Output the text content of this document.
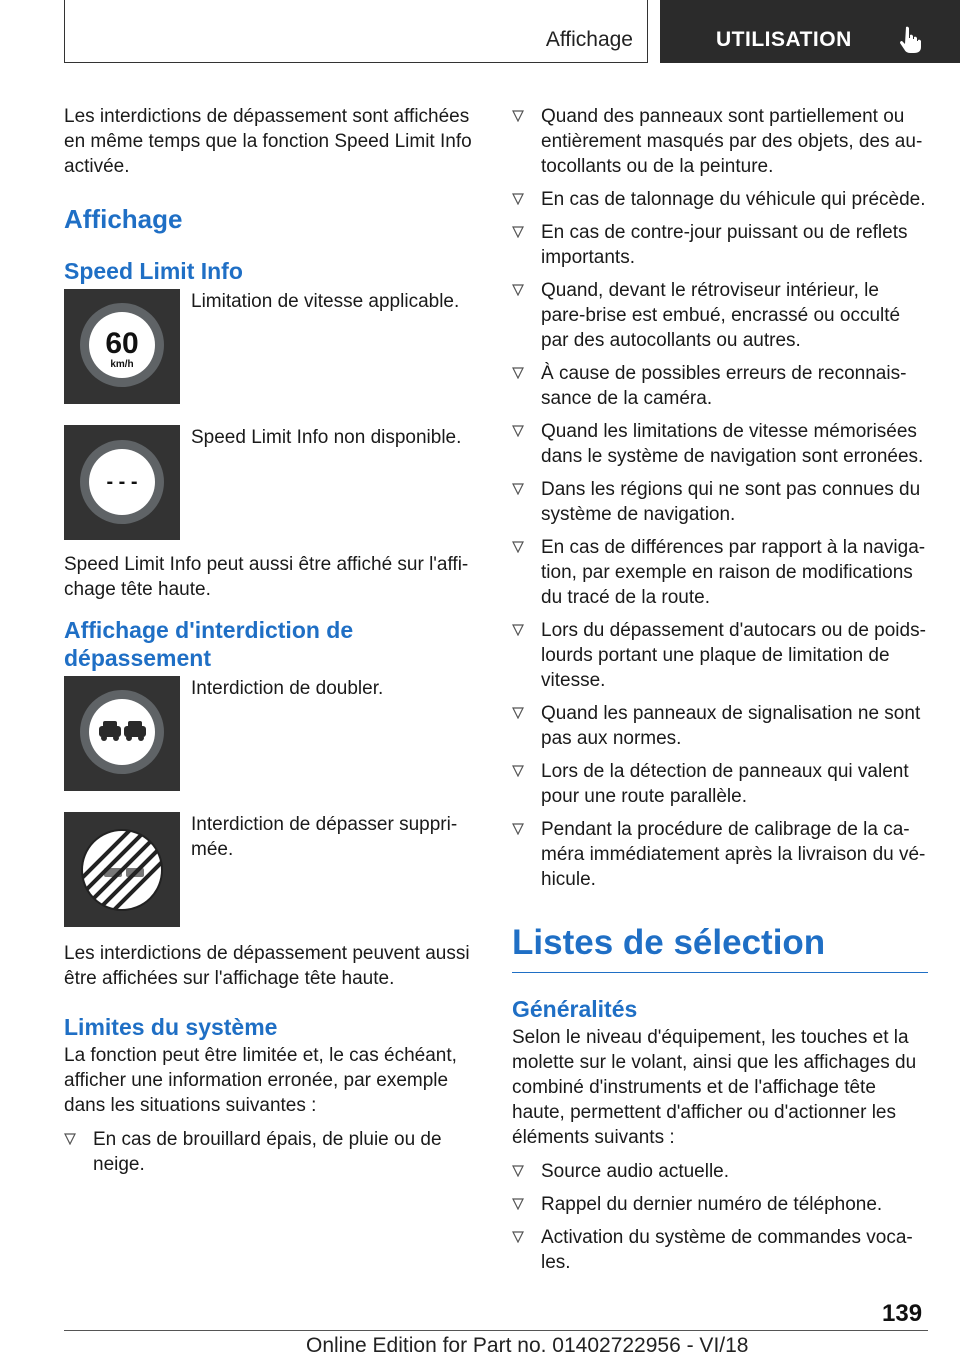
Affichage	UTILISATION

Les interdictions de dépassement sont affichées en même temps que la fonction Speed Limit Info activée.

Affichage
Speed Limit Info
60
km/h
Limitation de vitesse applicable.
- - -
Speed Limit Info non disponible.

Speed Limit Info peut aussi être affiché sur l'affi-chage tête haute.

Affichage d'interdiction de dépassement
Interdiction de doubler.
Interdiction de dépasser suppri-mée.

Les interdictions de dépassement peuvent aussi être affichées sur l'affichage tête haute.

Limites du système

La fonction peut être limitée et, le cas échéant, afficher une information erronée, par exemple dans les situations suivantes :

En cas de brouillard épais, de pluie ou de neige.
Quand des panneaux sont partiellement ou entièrement masqués par des objets, des au-tocollants ou de la peinture.
En cas de talonnage du véhicule qui précède.
En cas de contre-jour puissant ou de reflets importants.
Quand, devant le rétroviseur intérieur, le pare-brise est embué, encrassé ou occulté par des autocollants ou autres.
À cause de possibles erreurs de reconnais-sance de la caméra.
Quand les limitations de vitesse mémorisées dans le système de navigation sont erronées.
Dans les régions qui ne sont pas connues du système de navigation.
En cas de différences par rapport à la naviga-tion, par exemple en raison de modifications du tracé de la route.
Lors du dépassement d'autocars ou de poids-lourds portant une plaque de limitation de vitesse.
Quand les panneaux de signalisation ne sont pas aux normes.
Lors de la détection de panneaux qui valent pour une route parallèle.
Pendant la procédure de calibrage de la ca-méra immédiatement après la livraison du vé-hicule.
Listes de sélection
Généralités

Selon le niveau d'équipement, les touches et la molette sur le volant, ainsi que les affichages du combiné d'instruments et de l'affichage tête haute, permettent d'afficher ou d'actionner les éléments suivants :

Source audio actuelle.
Rappel du dernier numéro de téléphone.
Activation du système de commandes voca-les.
139
Online Edition for Part no. 01402722956 - VI/18
